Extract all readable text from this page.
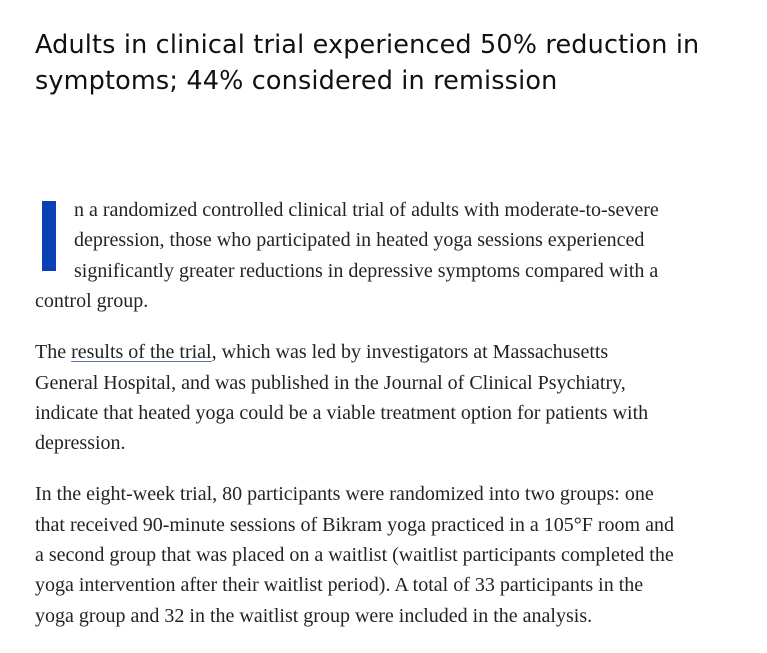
Adults in clinical trial experienced 50% reduction in symptoms; 44% considered in remission

n a randomized controlled clinical trial of adults with moderate-to-severe depression, those who participated in heated yoga sessions experienced significantly greater reductions in depressive symptoms compared with a control group.

The results of the trial, which was led by investigators at Massachusetts General Hospital, and was published in the Journal of Clinical Psychiatry, indicate that heated yoga could be a viable treatment option for patients with depression.

In the eight-week trial, 80 participants were randomized into two groups: one that received 90-minute sessions of Bikram yoga practiced in a 105°F room and a second group that was placed on a waitlist (waitlist participants completed the yoga intervention after their waitlist period). A total of 33 participants in the yoga group and 32 in the waitlist group were included in the analysis.
